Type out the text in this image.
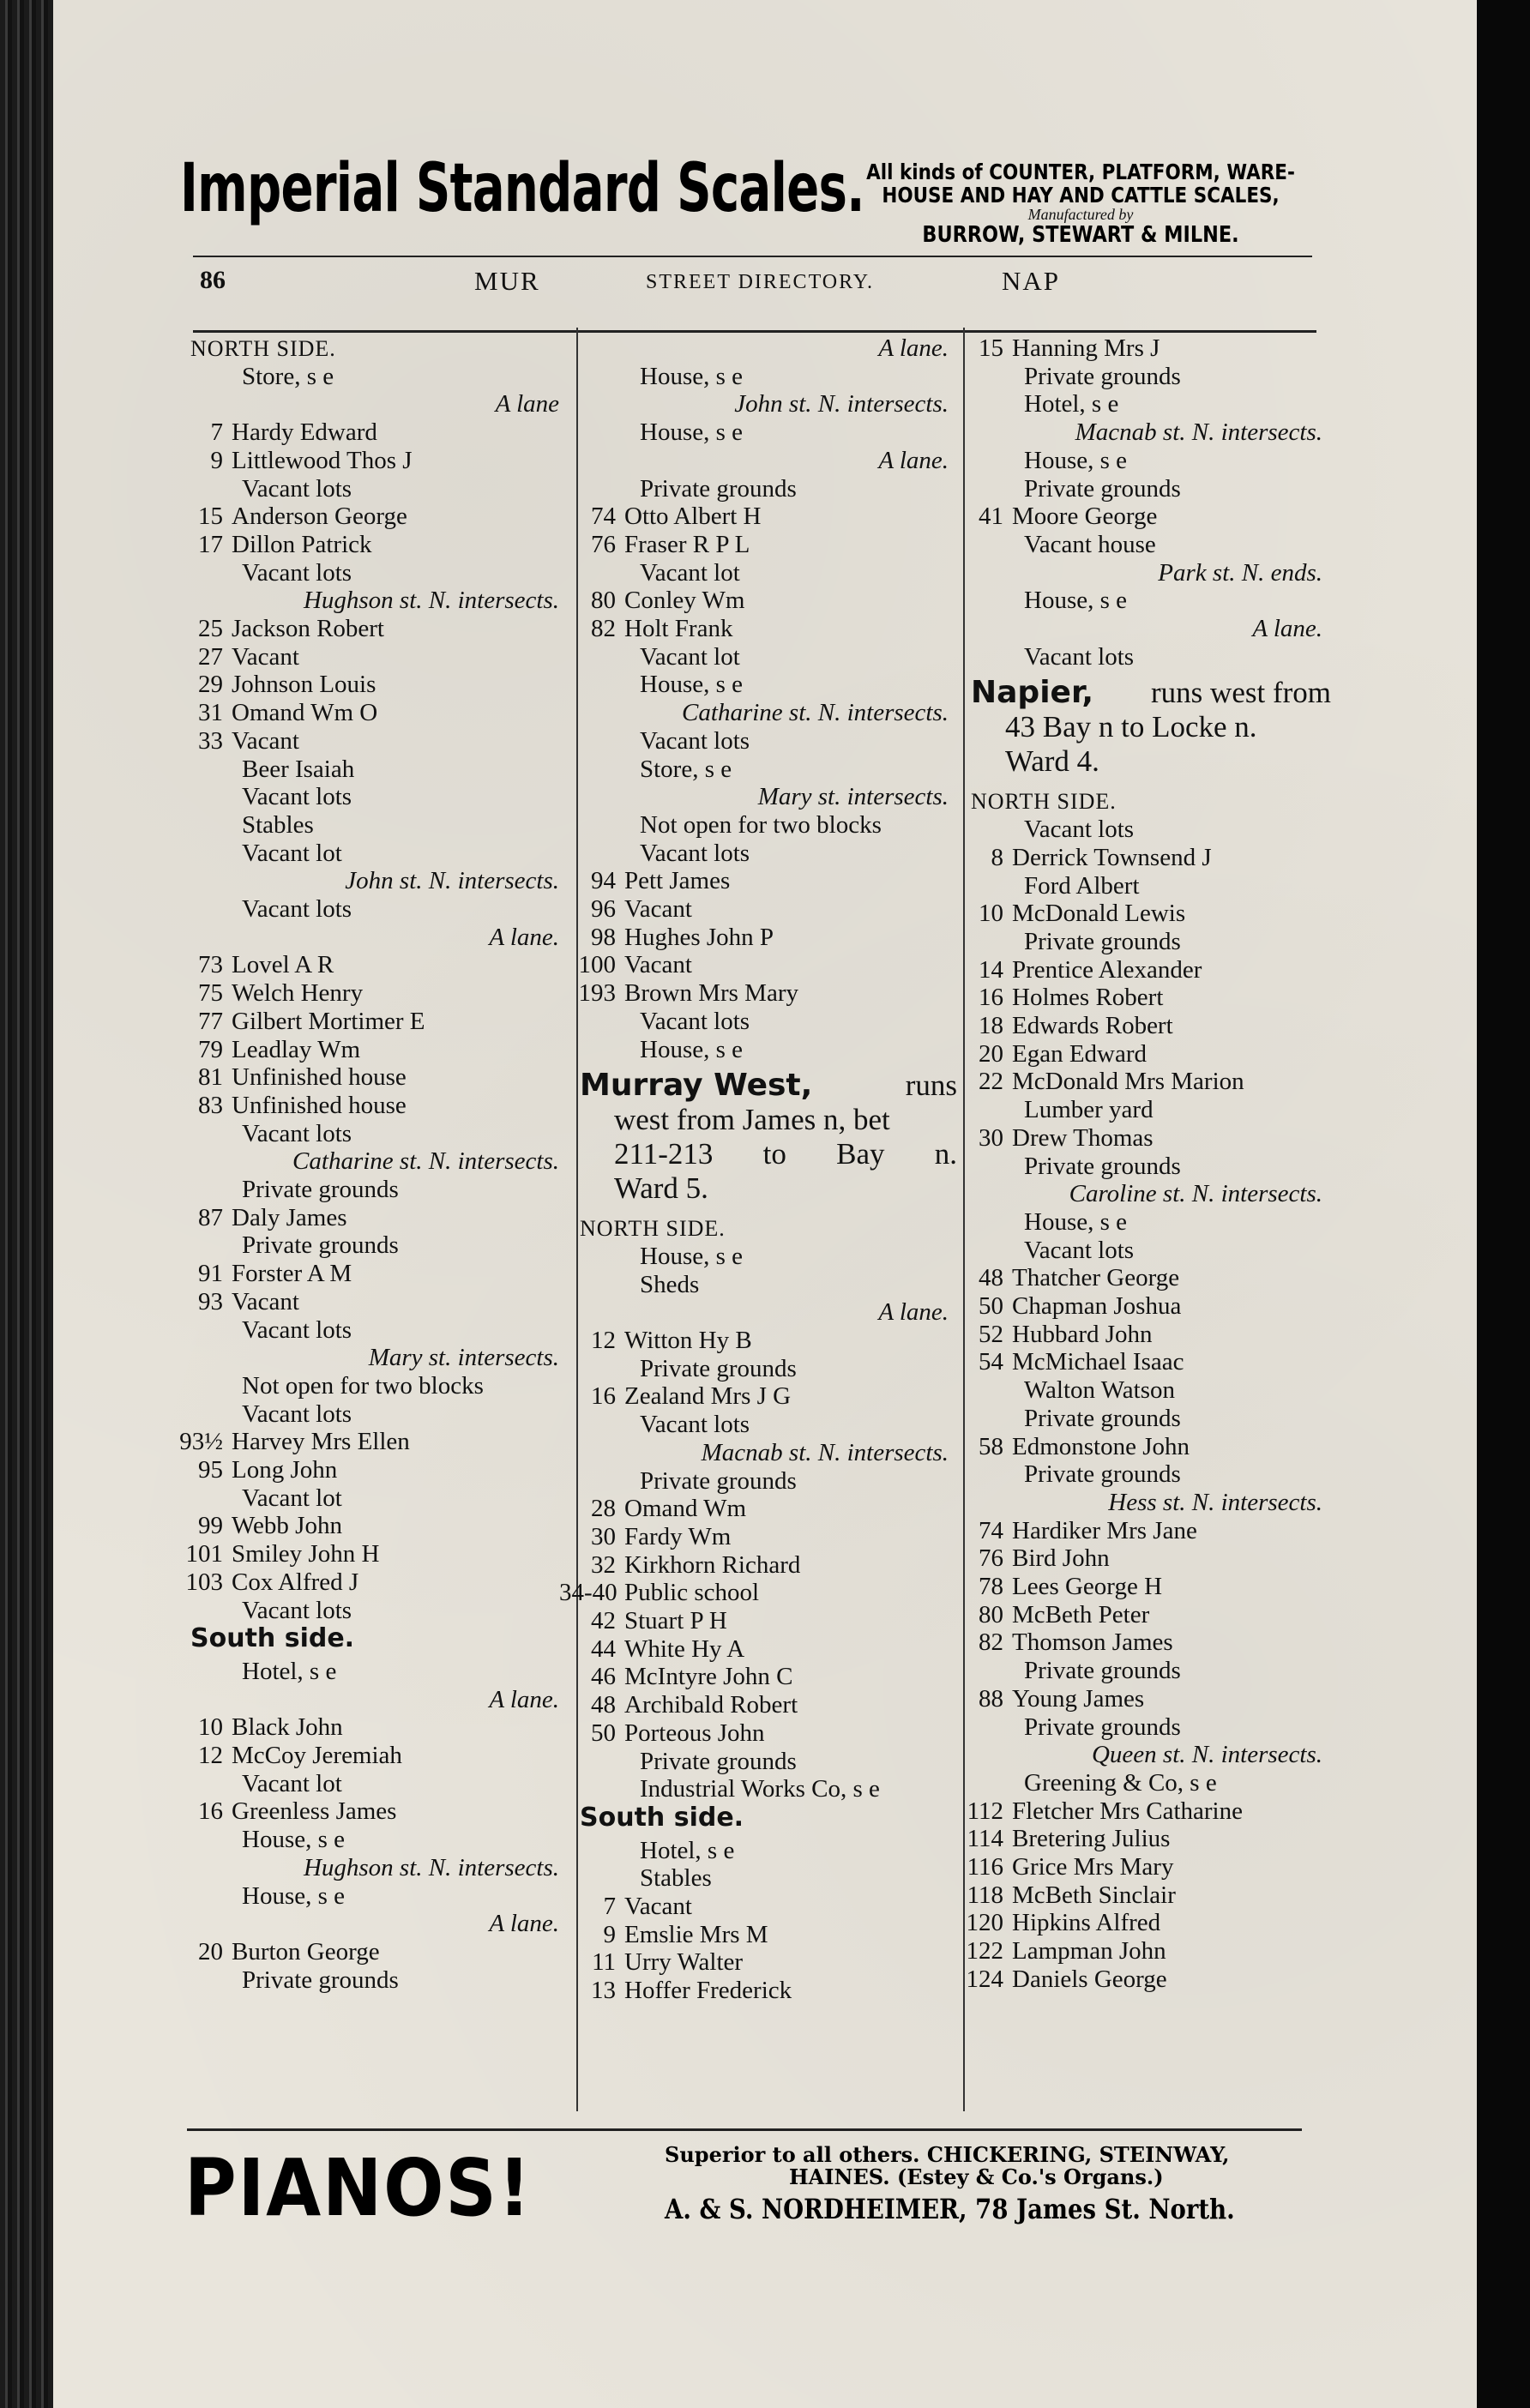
Imperial Standard Scales. All kinds of COUNTER, PLATFORM, WARE-
HOUSE AND HAY AND CATTLE SCALES,
Manufactured by
BURROW, STEWART & MILNE.
86	MUR	STREET DIRECTORY.	NAP
NORTH SIDE.
Store, s e
A lane
7 Hardy Edward
9 Littlewood Thos J
Vacant lots
15 Anderson George
17 Dillon Patrick
Vacant lots
Hughson st. N. intersects.
25 Jackson Robert
27 Vacant
29 Johnson Louis
31 Omand Wm O
33 Vacant
Beer Isaiah
Vacant lots
Stables
Vacant lot
John st. N. intersects.
Vacant lots
A lane.
73 Lovel A R
75 Welch Henry
77 Gilbert Mortimer E
79 Leadlay Wm
81 Unfinished house
83 Unfinished house
Vacant lots
Catharine st. N. intersects.
Private grounds
87 Daly James
Private grounds
91 Forster A M
93 Vacant
Vacant lots
Mary st. intersects.
Not open for two blocks
Vacant lots
93½ Harvey Mrs Ellen
95 Long John
Vacant lot
99 Webb John
101 Smiley John H
103 Cox Alfred J
Vacant lots
South side.
Hotel, s e
A lane.
10 Black John
12 McCoy Jeremiah
Vacant lot
16 Greenless James
House, s e
Hughson st. N. intersects.
House, s e
A lane.
20 Burton George
Private grounds
A lane.
House, s e
John st. N. intersects.
House, s e
A lane.
Private grounds
74 Otto Albert H
76 Fraser R P L
Vacant lot
80 Conley Wm
82 Holt Frank
Vacant lot
House, s e
Catharine st. N. intersects.
Vacant lots
Store, s e
Mary st. intersects.
Not open for two blocks
Vacant lots
94 Pett James
96 Vacant
98 Hughes John P
100 Vacant
193 Brown Mrs Mary
Vacant lots
House, s e
Murray West,	runs
west from James n, bet
211-213 to Bay n.
Ward 5.
NORTH SIDE.
House, s e
Sheds
A lane.
12 Witton Hy B
Private grounds
16 Zealand Mrs J G
Vacant lots
Macnab st. N. intersects.
Private grounds
28 Omand Wm
30 Fardy Wm
32 Kirkhorn Richard
34-40 Public school
42 Stuart P H
44 White Hy A
46 McIntyre John C
48 Archibald Robert
50 Porteous John
Private grounds
Industrial Works Co, s e
South side.
Hotel, s e
Stables
7 Vacant
9 Emslie Mrs M
11 Urry Walter
13 Hoffer Frederick
15 Hanning Mrs J
Private grounds
Hotel, s e
Macnab st. N. intersects.
House, s e
Private grounds
41 Moore George
Vacant house
Park st. N. ends.
House, s e
A lane.
Vacant lots
Napier, runs west from
43 Bay n to Locke n.
Ward 4.
NORTH SIDE.
Vacant lots
8 Derrick Townsend J
Ford Albert
10 McDonald Lewis
Private grounds
14 Prentice Alexander
16 Holmes Robert
18 Edwards Robert
20 Egan Edward
22 McDonald Mrs Marion
Lumber yard
30 Drew Thomas
Private grounds
Caroline st. N. intersects.
House, s e
Vacant lots
48 Thatcher George
50 Chapman Joshua
52 Hubbard John
54 McMichael Isaac
Walton Watson
Private grounds
58 Edmonstone John
Private grounds
Hess st. N. intersects.
74 Hardiker Mrs Jane
76 Bird John
78 Lees George H
80 McBeth Peter
82 Thomson James
Private grounds
88 Young James
Private grounds
Queen st. N. intersects.
Greening & Co, s e
112 Fletcher Mrs Catharine
114 Bretering Julius
116 Grice Mrs Mary
118 McBeth Sinclair
120 Hipkins Alfred
122 Lampman John
124 Daniels George
PIANOS!	Superior to all others. CHICKERING, STEINWAY,
HAINES. (Estey & Co.'s Organs.)
A. & S. NORDHEIMER, 78 James St. North.
